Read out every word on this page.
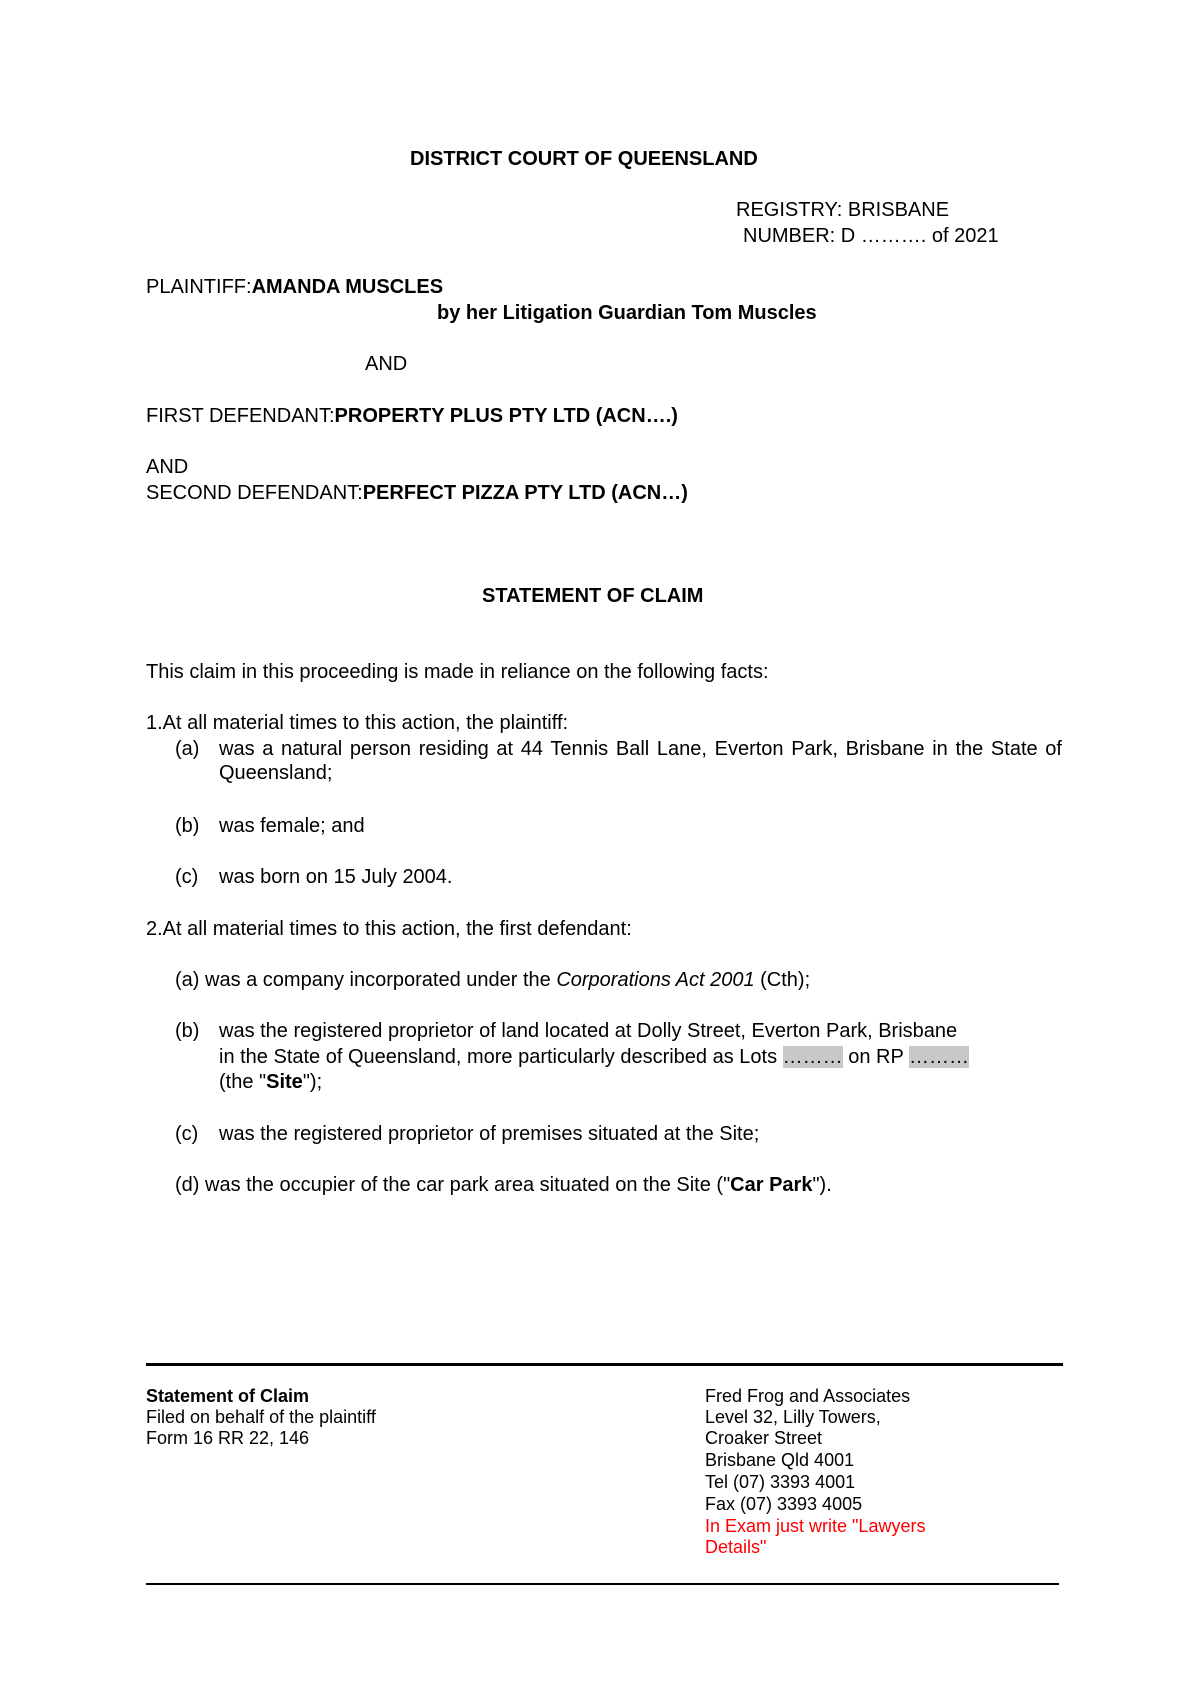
DISTRICT COURT OF QUEENSLAND
REGISTRY: BRISBANE
NUMBER: D ………. of 2021
PLAINTIFF:AMANDA MUSCLES
by her Litigation Guardian Tom Muscles
AND
FIRST DEFENDANT:PROPERTY PLUS PTY LTD (ACN….)
AND
SECOND DEFENDANT:PERFECT PIZZA PTY LTD (ACN…)
STATEMENT OF CLAIM
This claim in this proceeding is made in reliance on the following facts:
1.At all material times to this action, the plaintiff:
(a) was a natural person residing at 44 Tennis Ball Lane, Everton Park, Brisbane in the State of Queensland;
(b) was female; and
(c) was born on 15 July 2004.
2.At all material times to this action, the first defendant:
(a) was a company incorporated under the Corporations Act 2001 (Cth);
(b) was the registered proprietor of land located at Dolly Street, Everton Park, Brisbane
in the State of Queensland, more particularly described as Lots ……… on RP ………
(the "Site");
(c) was the registered proprietor of premises situated at the Site;
(d) was the occupier of the car park area situated on the Site ("Car Park").
Statement of Claim
Filed on behalf of the plaintiff
Form 16 RR 22, 146
Fred Frog and Associates
Level 32, Lilly Towers,
Croaker Street
Brisbane Qld 4001
Tel (07) 3393 4001
Fax (07) 3393 4005
In Exam just write "Lawyers
Details"
